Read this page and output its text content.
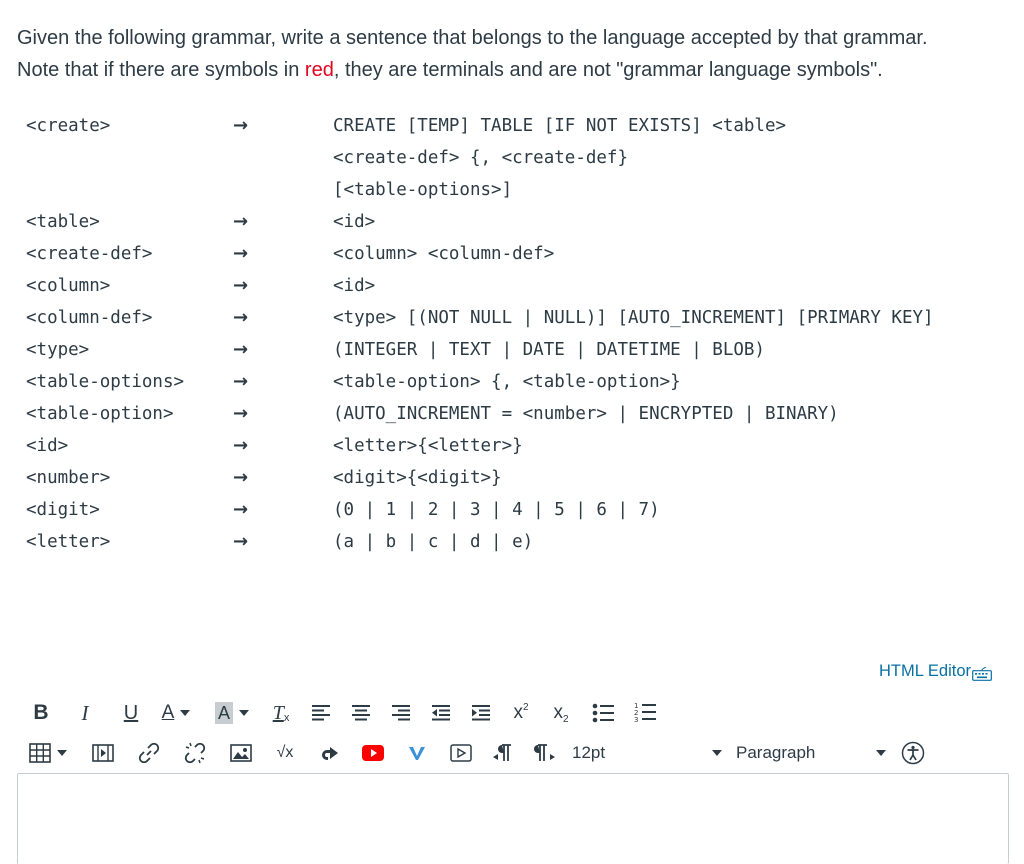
Given the following grammar, write a sentence that belongs to the language accepted by that grammar.
Note that if there are symbols in red, they are terminals and are not "grammar language symbols".
<create>	→	CREATE [TEMP] TABLE [IF NOT EXISTS] <table>
<create-def> {, <create-def}
[<table-options>]
<table>	→	<id>
<create-def>	→	<column> <column-def>
<column>	→	<id>
<column-def>	→	<type> [(NOT NULL | NULL)] [AUTO_INCREMENT] [PRIMARY KEY]
<type>	→	(INTEGER | TEXT | DATE | DATETIME | BLOB)
<table-options>	→	<table-option> {, <table-option>}
<table-option>	→	(AUTO_INCREMENT = <number> | ENCRYPTED | BINARY)
<id>	→	<letter>{<letter>}
<number>	→	<digit>{<digit>}
<digit>	→	(0 | 1 | 2 | 3 | 4 | 5 | 6 | 7)
<letter>	→	(a | b | c | d | e)
HTML Editor
B I U A A T x	x 2 x 2
1
2
3
√x	12pt	Paragraph
